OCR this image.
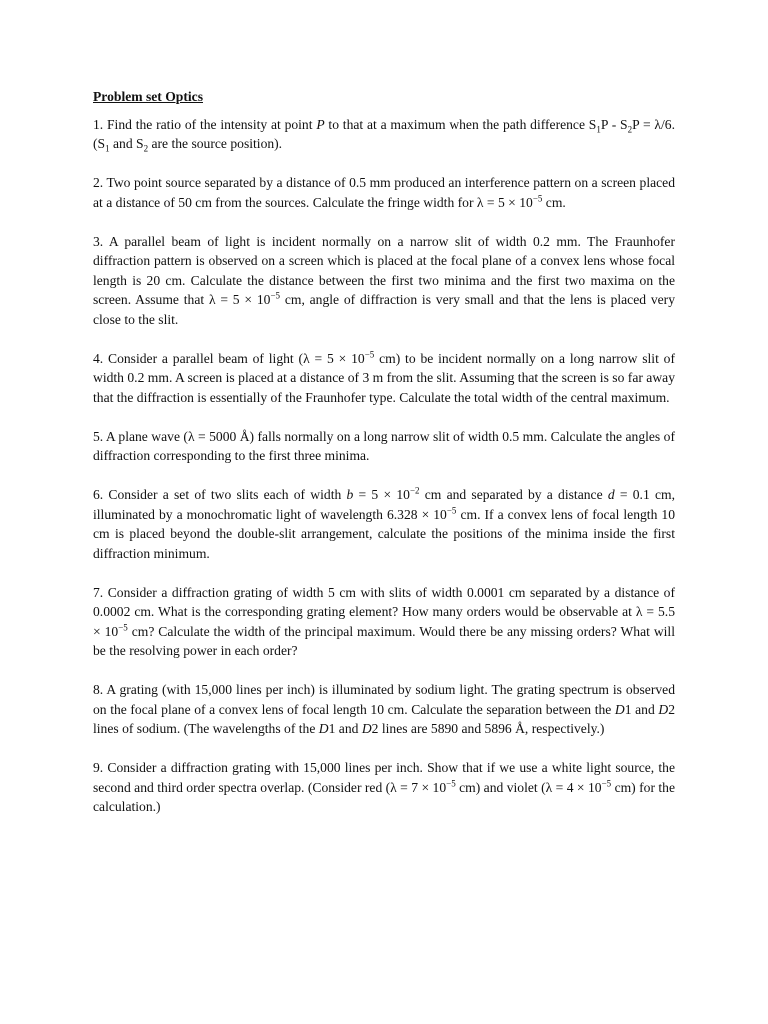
Problem set Optics
1. Find the ratio of the intensity at point P to that at a maximum when the path difference $S_1P - S_2P = \lambda/6$. ($S_1$ and $S_2$ are the source position).
2. Two point source separated by a distance of 0.5 mm produced an interference pattern on a screen placed at a distance of 50 cm from the sources. Calculate the fringe width for $\lambda = 5 \times 10^{-5}$ cm.
3. A parallel beam of light is incident normally on a narrow slit of width 0.2 mm. The Fraunhofer diffraction pattern is observed on a screen which is placed at the focal plane of a convex lens whose focal length is 20 cm. Calculate the distance between the first two minima and the first two maxima on the screen. Assume that $\lambda = 5 \times 10^{-5}$ cm, angle of diffraction is very small and that the lens is placed very close to the slit.
4. Consider a parallel beam of light ($\lambda = 5 \times 10^{-5}$ cm) to be incident normally on a long narrow slit of width 0.2 mm. A screen is placed at a distance of 3 m from the slit. Assuming that the screen is so far away that the diffraction is essentially of the Fraunhofer type. Calculate the total width of the central maximum.
5. A plane wave (λ = 5000 Å) falls normally on a long narrow slit of width 0.5 mm. Calculate the angles of diffraction corresponding to the first three minima.
6. Consider a set of two slits each of width $b = 5 \times 10^{-2}$ cm and separated by a distance d = 0.1 cm, illuminated by a monochromatic light of wavelength $6.328 \times 10^{-5}$ cm. If a convex lens of focal length 10 cm is placed beyond the double-slit arrangement, calculate the positions of the minima inside the first diffraction minimum.
7. Consider a diffraction grating of width 5 cm with slits of width 0.0001 cm separated by a distance of 0.0002 cm. What is the corresponding grating element? How many orders would be observable at $\lambda = 5.5 \times 10^{-5}$ cm? Calculate the width of the principal maximum. Would there be any missing orders? What will be the resolving power in each order?
8. A grating (with 15,000 lines per inch) is illuminated by sodium light. The grating spectrum is observed on the focal plane of a convex lens of focal length 10 cm. Calculate the separation between the D1 and D2 lines of sodium. (The wavelengths of the D1 and D2 lines are 5890 and 5896 Å, respectively.)
9. Consider a diffraction grating with 15,000 lines per inch. Show that if we use a white light source, the second and third order spectra overlap. (Consider red ($\lambda = 7 \times 10^{-5}$ cm) and violet ($\lambda = 4 \times 10^{-5}$ cm) for the calculation.)
